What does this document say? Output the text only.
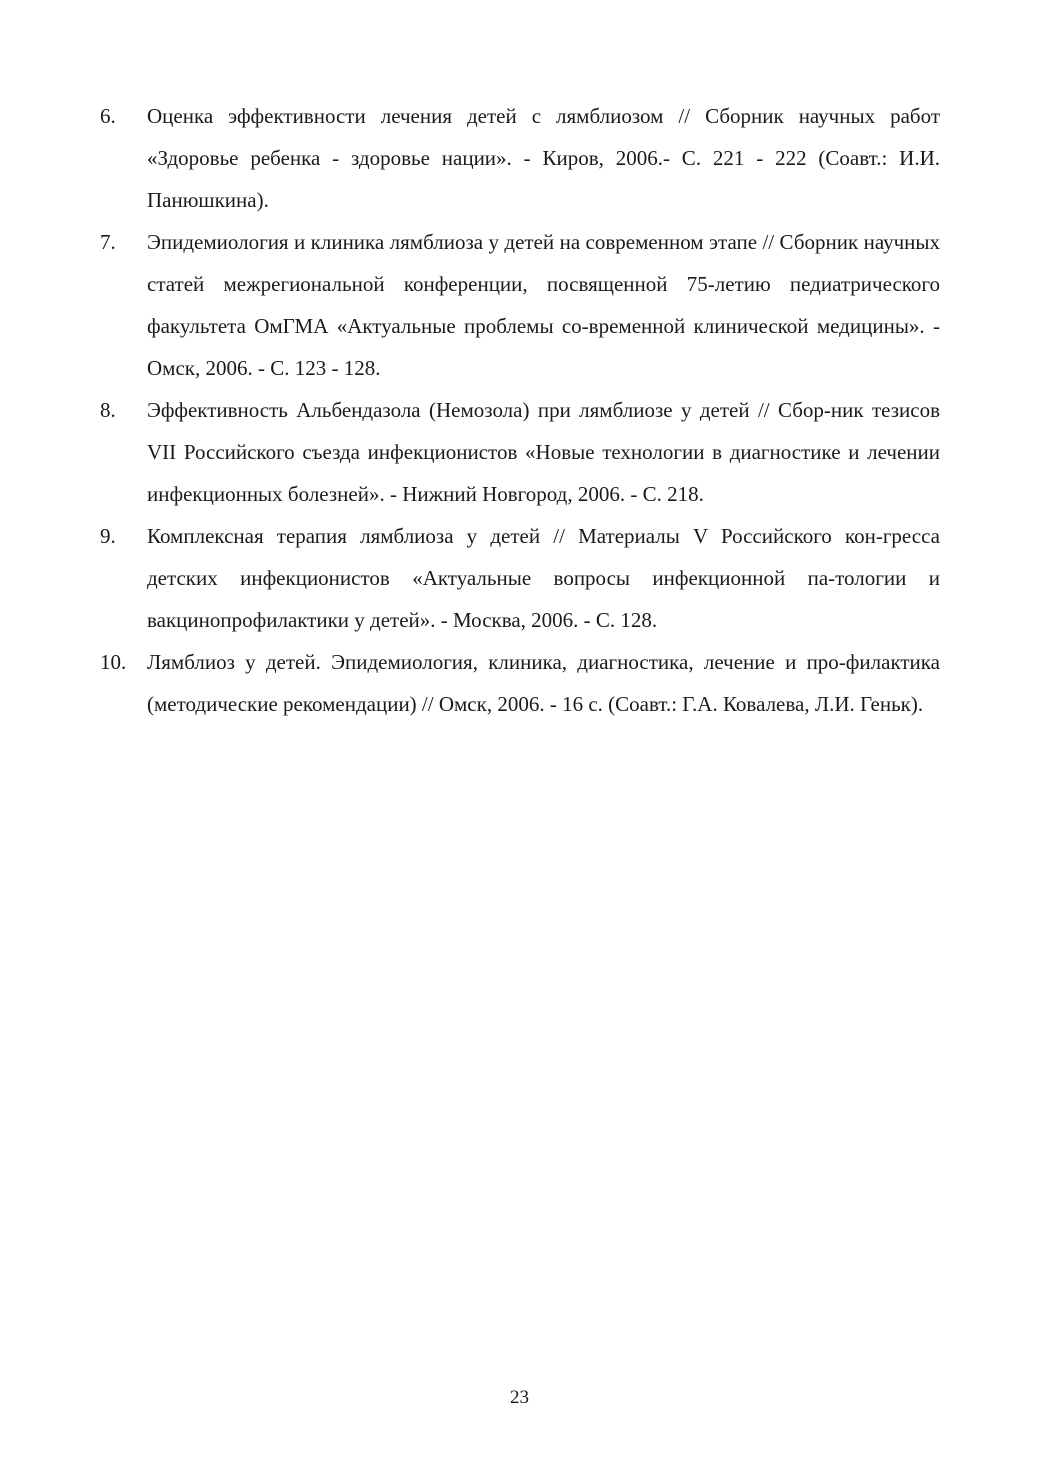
6. Оценка эффективности лечения детей с лямблиозом // Сборник научных работ «Здоровье ребенка - здоровье нации». - Киров, 2006.- С. 221 - 222 (Соавт.: И.И. Панюшкина).
7. Эпидемиология и клиника лямблиоза у детей на современном этапе // Сборник научных статей межрегиональной конференции, посвященной 75-летию педиатрического факультета ОмГМА «Актуальные проблемы со-временной клинической медицины». - Омск, 2006. - С. 123 - 128.
8. Эффективность Альбендазола (Немозола) при лямблиозе у детей // Сбор-ник тезисов VII Российского съезда инфекционистов «Новые технологии в диагностике и лечении инфекционных болезней». - Нижний Новгород, 2006. - С. 218.
9. Комплексная терапия лямблиоза у детей // Материалы V Российского кон-гресса детских инфекционистов «Актуальные вопросы инфекционной па-тологии и вакцинопрофилактики у детей». - Москва, 2006. - С. 128.
10. Лямблиоз у детей. Эпидемиология, клиника, диагностика, лечение и про-филактика (методические рекомендации) // Омск, 2006. - 16 с. (Соавт.: Г.А. Ковалева, Л.И. Геньк).
23
